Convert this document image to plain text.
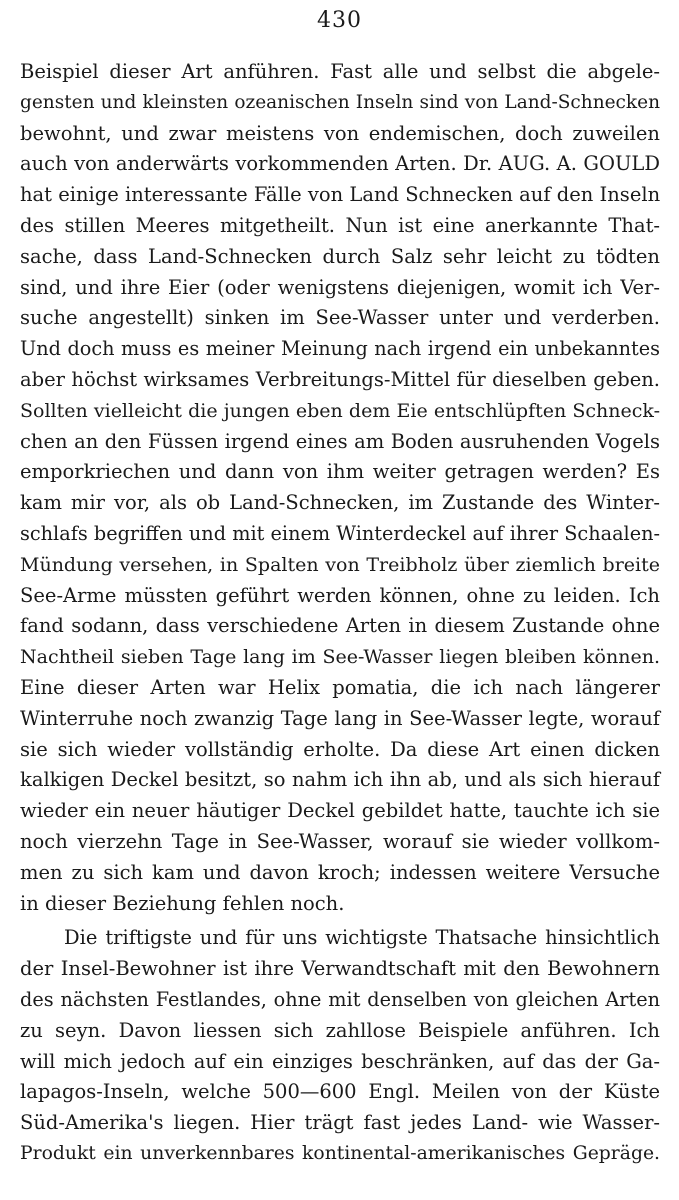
430
Beispiel dieser Art anführen. Fast alle und selbst die abgele-
gensten und kleinsten ozeanischen Inseln sind von Land-Schnecken
bewohnt, und zwar meistens von endemischen, doch zuweilen
auch von anderwärts vorkommenden Arten. Dr. AUG. A. GOULD
hat einige interessante Fälle von Land Schnecken auf den Inseln
des stillen Meeres mitgetheilt. Nun ist eine anerkannte That-
sache, dass Land-Schnecken durch Salz sehr leicht zu tödten
sind, und ihre Eier (oder wenigstens diejenigen, womit ich Ver-
suche angestellt) sinken im See-Wasser unter und verderben.
Und doch muss es meiner Meinung nach irgend ein unbekanntes
aber höchst wirksames Verbreitungs-Mittel für dieselben geben.
Sollten vielleicht die jungen eben dem Eie entschlüpften Schneck-
chen an den Füssen irgend eines am Boden ausruhenden Vogels
emporkriechen und dann von ihm weiter getragen werden? Es
kam mir vor, als ob Land-Schnecken, im Zustande des Winter-
schlafs begriffen und mit einem Winterdeckel auf ihrer Schaalen-
Mündung versehen, in Spalten von Treibholz über ziemlich breite
See-Arme müssten geführt werden können, ohne zu leiden. Ich
fand sodann, dass verschiedene Arten in diesem Zustande ohne
Nachtheil sieben Tage lang im See-Wasser liegen bleiben können.
Eine dieser Arten war Helix pomatia, die ich nach längerer
Winterruhe noch zwanzig Tage lang in See-Wasser legte, worauf
sie sich wieder vollständig erholte. Da diese Art einen dicken
kalkigen Deckel besitzt, so nahm ich ihn ab, und als sich hierauf
wieder ein neuer häutiger Deckel gebildet hatte, tauchte ich sie
noch vierzehn Tage in See-Wasser, worauf sie wieder vollkom-
men zu sich kam und davon kroch; indessen weitere Versuche
in dieser Beziehung fehlen noch.
Die triftigste und für uns wichtigste Thatsache hinsichtlich
der Insel-Bewohner ist ihre Verwandtschaft mit den Bewohnern
des nächsten Festlandes, ohne mit denselben von gleichen Arten
zu seyn. Davon liessen sich zahllose Beispiele anführen. Ich
will mich jedoch auf ein einziges beschränken, auf das der Ga-
lapagos-Inseln, welche 500—600 Engl. Meilen von der Küste
Süd-Amerika's liegen. Hier trägt fast jedes Land- wie Wasser-
Produkt ein unverkennbares kontinental-amerikanisches Gepräge.
